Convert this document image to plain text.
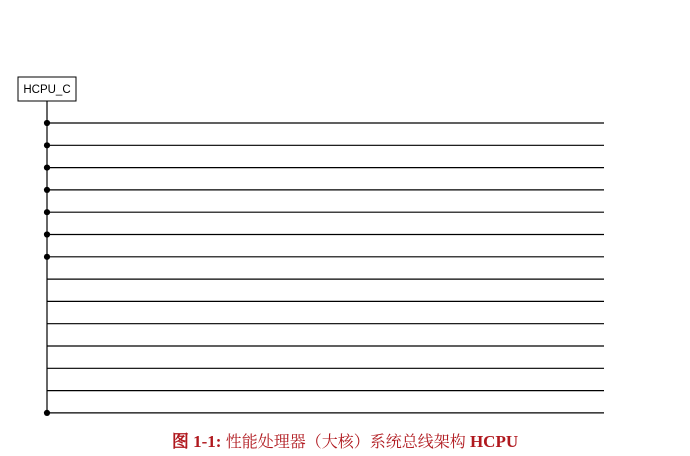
HCPU_C
图 1-1: 性能处理器（大核）系统总线架构 HCPU
